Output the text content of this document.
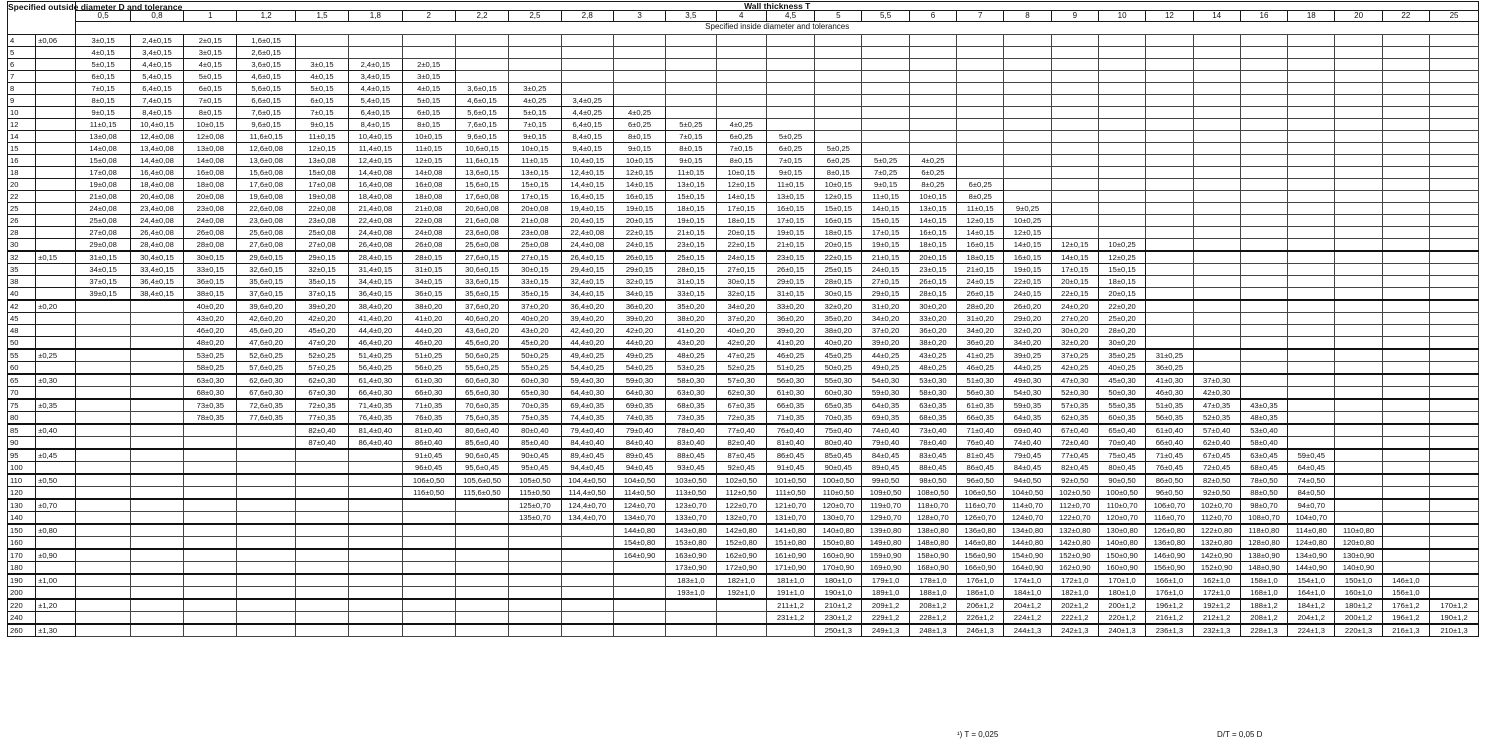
Specified outside diameter D and tolerance		Wall thickness T																											
		0,5	0,8	1	1,2	1,5	1,8	2	2,2	2,5	2,8	3	3,5	4	4,5	5	5,5	6	7	8	9	10	12	14	16	18	20	22	25
		Specified inside diameter and tolerances																											
4	±0,06	3±0,15	2,4±0,15	2±0,15	1,6±0,15																								
5		4±0,15	3,4±0,15	3±0,15	2,6±0,15																								
6		5±0,15	4,4±0,15	4±0,15	3,6±0,15	3±0,15	2,4±0,15	2±0,15																					
7		6±0,15	5,4±0,15	5±0,15	4,6±0,15	4±0,15	3,4±0,15	3±0,15																					
8		7±0,15	6,4±0,15	6±0,15	5,6±0,15	5±0,15	4,4±0,15	4±0,15	3,6±0,15	3±0,25																			
9		8±0,15	7,4±0,15	7±0,15	6,6±0,15	6±0,15	5,4±0,15	5±0,15	4,6±0,15	4±0,25	3,4±0,25																		
10		9±0,15	8,4±0,15	8±0,15	7,6±0,15	7±0,15	6,4±0,15	6±0,15	5,6±0,15	5±0,15	4,4±0,25	4±0,25																	
12		11±0,15	10,4±0,15	10±0,15	9,6±0,15	9±0,15	8,4±0,15	8±0,15	7,6±0,15	7±0,15	6,4±0,15	6±0,25	5±0,25	4±0,25															
14		13±0,08	12,4±0,08	12±0,08	11,6±0,15	11±0,15	10,4±0,15	10±0,15	9,6±0,15	9±0,15	8,4±0,15	8±0,15	7±0,15	6±0,25	5±0,25														
15		14±0,08	13,4±0,08	13±0,08	12,6±0,08	12±0,15	11,4±0,15	11±0,15	10,6±0,15	10±0,15	9,4±0,15	9±0,15	8±0,15	7±0,15	6±0,25	5±0,25													
16		15±0,08	14,4±0,08	14±0,08	13,6±0,08	13±0,08	12,4±0,15	12±0,15	11,6±0,15	11±0,15	10,4±0,15	10±0,15	9±0,15	8±0,15	7±0,15	6±0,25	5±0,25	4±0,25											
18		17±0,08	16,4±0,08	16±0,08	15,6±0,08	15±0,08	14,4±0,08	14±0,08	13,6±0,15	13±0,15	12,4±0,15	12±0,15	11±0,15	10±0,15	9±0,15	8±0,15	7±0,25	6±0,25											
20		19±0,08	18,4±0,08	18±0,08	17,6±0,08	17±0,08	16,4±0,08	16±0,08	15,6±0,15	15±0,15	14,4±0,15	14±0,15	13±0,15	12±0,15	11±0,15	10±0,15	9±0,15	8±0,25	6±0,25										
22		21±0,08	20,4±0,08	20±0,08	19,6±0,08	19±0,08	18,4±0,08	18±0,08	17,6±0,08	17±0,15	16,4±0,15	16±0,15	15±0,15	14±0,15	13±0,15	12±0,15	11±0,15	10±0,15	8±0,25										
25		24±0,08	23,4±0,08	23±0,08	22,6±0,08	22±0,08	21,4±0,08	21±0,08	20,6±0,08	20±0,08	19,4±0,15	19±0,15	18±0,15	17±0,15	16±0,15	15±0,15	14±0,15	13±0,15	11±0,15	9±0,25									
26		25±0,08	24,4±0,08	24±0,08	23,6±0,08	23±0,08	22,4±0,08	22±0,08	21,6±0,08	21±0,08	20,4±0,15	20±0,15	19±0,15	18±0,15	17±0,15	16±0,15	15±0,15	14±0,15	12±0,15	10±0,25									
28		27±0,08	26,4±0,08	26±0,08	25,6±0,08	25±0,08	24,4±0,08	24±0,08	23,6±0,08	23±0,08	22,4±0,08	22±0,15	21±0,15	20±0,15	19±0,15	18±0,15	17±0,15	16±0,15	14±0,15	12±0,15									
30		29±0,08	28,4±0,08	28±0,08	27,6±0,08	27±0,08	26,4±0,08	26±0,08	25,6±0,08	25±0,08	24,4±0,08	24±0,15	23±0,15	22±0,15	21±0,15	20±0,15	19±0,15	18±0,15	16±0,15	14±0,15	12±0,15	10±0,25							
32	±0,15	31±0,15	30,4±0,15	30±0,15	29,6±0,15	29±0,15	28,4±0,15	28±0,15	27,6±0,15	27±0,15	26,4±0,15	26±0,15	25±0,15	24±0,15	23±0,15	22±0,15	21±0,15	20±0,15	18±0,15	16±0,15	14±0,15	12±0,25							
35		34±0,15	33,4±0,15	33±0,15	32,6±0,15	32±0,15	31,4±0,15	31±0,15	30,6±0,15	30±0,15	29,4±0,15	29±0,15	28±0,15	27±0,15	26±0,15	25±0,15	24±0,15	23±0,15	21±0,15	19±0,15	17±0,15	15±0,15							
38		37±0,15	36,4±0,15	36±0,15	35,6±0,15	35±0,15	34,4±0,15	34±0,15	33,6±0,15	33±0,15	32,4±0,15	32±0,15	31±0,15	30±0,15	29±0,15	28±0,15	27±0,15	26±0,15	24±0,15	22±0,15	20±0,15	18±0,15							
40		39±0,15	38,4±0,15	38±0,15	37,6±0,15	37±0,15	36,4±0,15	36±0,15	35,6±0,15	35±0,15	34,4±0,15	34±0,15	33±0,15	32±0,15	31±0,15	30±0,15	29±0,15	28±0,15	26±0,15	24±0,15	22±0,15	20±0,15							
42	±0,20			40±0,20	39,6±0,20	39±0,20	38,4±0,20	38±0,20	37,6±0,20	37±0,20	36,4±0,20	36±0,20	35±0,20	34±0,20	33±0,20	32±0,20	31±0,20	30±0,20	28±0,20	26±0,20	24±0,20	22±0,20							
45				43±0,20	42,6±0,20	42±0,20	41,4±0,20	41±0,20	40,6±0,20	40±0,20	39,4±0,20	39±0,20	38±0,20	37±0,20	36±0,20	35±0,20	34±0,20	33±0,20	31±0,20	29±0,20	27±0,20	25±0,20							
48				46±0,20	45,6±0,20	45±0,20	44,4±0,20	44±0,20	43,6±0,20	43±0,20	42,4±0,20	42±0,20	41±0,20	40±0,20	39±0,20	38±0,20	37±0,20	36±0,20	34±0,20	32±0,20	30±0,20	28±0,20							
50				48±0,20	47,6±0,20	47±0,20	46,4±0,20	46±0,20	45,6±0,20	45±0,20	44,4±0,20	44±0,20	43±0,20	42±0,20	41±0,20	40±0,20	39±0,20	38±0,20	36±0,20	34±0,20	32±0,20	30±0,20							
55	±0,25			53±0,25	52,6±0,25	52±0,25	51,4±0,25	51±0,25	50,6±0,25	50±0,25	49,4±0,25	49±0,25	48±0,25	47±0,25	46±0,25	45±0,25	44±0,25	43±0,25	41±0,25	39±0,25	37±0,25	35±0,25	31±0,25						
60				58±0,25	57,6±0,25	57±0,25	56,4±0,25	56±0,25	55,6±0,25	55±0,25	54,4±0,25	54±0,25	53±0,25	52±0,25	51±0,25	50±0,25	49±0,25	48±0,25	46±0,25	44±0,25	42±0,25	40±0,25	36±0,25						
65	±0,30			63±0,30	62,6±0,30	62±0,30	61,4±0,30	61±0,30	60,6±0,30	60±0,30	59,4±0,30	59±0,30	58±0,30	57±0,30	56±0,30	55±0,30	54±0,30	53±0,30	51±0,30	49±0,30	47±0,30	45±0,30	41±0,30	37±0,30					
70				68±0,30	67,6±0,30	67±0,30	66,4±0,30	66±0,30	65,6±0,30	65±0,30	64,4±0,30	64±0,30	63±0,30	62±0,30	61±0,30	60±0,30	59±0,30	58±0,30	56±0,30	54±0,30	52±0,30	50±0,30	46±0,30	42±0,30					
75	±0,35			73±0,35	72,6±0,35	72±0,35	71,4±0,35	71±0,35	70,6±0,35	70±0,35	69,4±0,35	69±0,35	68±0,35	67±0,35	66±0,35	65±0,35	64±0,35	63±0,35	61±0,35	59±0,35	57±0,35	55±0,35	51±0,35	47±0,35	43±0,35				
80				78±0,35	77,6±0,35	77±0,35	76,4±0,35	76±0,35	75,6±0,35	75±0,35	74,4±0,35	74±0,35	73±0,35	72±0,35	71±0,35	70±0,35	69±0,35	68±0,35	66±0,35	64±0,35	62±0,35	60±0,35	56±0,35	52±0,35	48±0,35				
85	±0,40					82±0,40	81,4±0,40	81±0,40	80,6±0,40	80±0,40	79,4±0,40	79±0,40	78±0,40	77±0,40	76±0,40	75±0,40	74±0,40	73±0,40	71±0,40	69±0,40	67±0,40	65±0,40	61±0,40	57±0,40	53±0,40				
90						87±0,40	86,4±0,40	86±0,40	85,6±0,40	85±0,40	84,4±0,40	84±0,40	83±0,40	82±0,40	81±0,40	80±0,40	79±0,40	78±0,40	76±0,40	74±0,40	72±0,40	70±0,40	66±0,40	62±0,40	58±0,40				
95	±0,45							91±0,45	90,6±0,45	90±0,45	89,4±0,45	89±0,45	88±0,45	87±0,45	86±0,45	85±0,45	84±0,45	83±0,45	81±0,45	79±0,45	77±0,45	75±0,45	71±0,45	67±0,45	63±0,45	59±0,45			
100								96±0,45	95,6±0,45	95±0,45	94,4±0,45	94±0,45	93±0,45	92±0,45	91±0,45	90±0,45	89±0,45	88±0,45	86±0,45	84±0,45	82±0,45	80±0,45	76±0,45	72±0,45	68±0,45	64±0,45			
110	±0,50							106±0,50	105,6±0,50	105±0,50	104,4±0,50	104±0,50	103±0,50	102±0,50	101±0,50	100±0,50	99±0,50	98±0,50	96±0,50	94±0,50	92±0,50	90±0,50	86±0,50	82±0,50	78±0,50	74±0,50			
120								116±0,50	115,6±0,50	115±0,50	114,4±0,50	114±0,50	113±0,50	112±0,50	111±0,50	110±0,50	109±0,50	108±0,50	106±0,50	104±0,50	102±0,50	100±0,50	96±0,50	92±0,50	88±0,50	84±0,50			
130	±0,70									125±0,70	124,4±0,70	124±0,70	123±0,70	122±0,70	121±0,70	120±0,70	119±0,70	118±0,70	116±0,70	114±0,70	112±0,70	110±0,70	106±0,70	102±0,70	98±0,70	94±0,70			
140										135±0,70	134,4±0,70	134±0,70	133±0,70	132±0,70	131±0,70	130±0,70	129±0,70	128±0,70	126±0,70	124±0,70	122±0,70	120±0,70	116±0,70	112±0,70	108±0,70	104±0,70			
150	±0,80											144±0,80	143±0,80	142±0,80	141±0,80	140±0,80	139±0,80	138±0,80	136±0,80	134±0,80	132±0,80	130±0,80	126±0,80	122±0,80	118±0,80	114±0,80	110±0,80		
160												154±0,80	153±0,80	152±0,80	151±0,80	150±0,80	149±0,80	148±0,80	146±0,80	144±0,80	142±0,80	140±0,80	136±0,80	132±0,80	128±0,80	124±0,80	120±0,80		
170	±0,90											164±0,90	163±0,90	162±0,90	161±0,90	160±0,90	159±0,90	158±0,90	156±0,90	154±0,90	152±0,90	150±0,90	146±0,90	142±0,90	138±0,90	134±0,90	130±0,90		
180													173±0,90	172±0,90	171±0,90	170±0,90	169±0,90	168±0,90	166±0,90	164±0,90	162±0,90	160±0,90	156±0,90	152±0,90	148±0,90	144±0,90	140±0,90		
190	±1,00												183±1,0	182±1,0	181±1,0	180±1,0	179±1,0	178±1,0	176±1,0	174±1,0	172±1,0	170±1,0	166±1,0	162±1,0	158±1,0	154±1,0	150±1,0	146±1,0	
200													193±1,0	192±1,0	191±1,0	190±1,0	189±1,0	188±1,0	186±1,0	184±1,0	182±1,0	180±1,0	176±1,0	172±1,0	168±1,0	164±1,0	160±1,0	156±1,0	
220	±1,20														211±1,2	210±1,2	209±1,2	208±1,2	206±1,2	204±1,2	202±1,2	200±1,2	196±1,2	192±1,2	188±1,2	184±1,2	180±1,2	176±1,2	170±1,2
240															231±1,2	230±1,2	229±1,2	228±1,2	226±1,2	224±1,2	222±1,2	220±1,2	216±1,2	212±1,2	208±1,2	204±1,2	200±1,2	196±1,2	190±1,2
260	±1,30															250±1,3	249±1,3	248±1,3	246±1,3	244±1,3	242±1,3	240±1,3	236±1,3	232±1,3	228±1,3	224±1,3	220±1,3	216±1,3	210±1,3
¹) T = 0,025	D/T = 0,05 D
